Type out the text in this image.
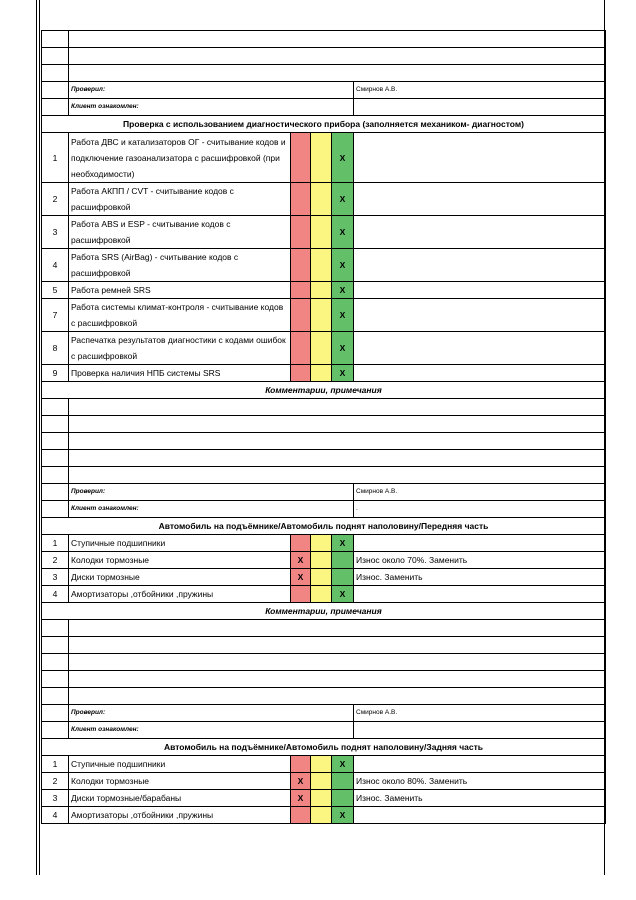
	Проверил:				Смирнов А.В.
	Клиент ознакомлен:				
Проверка с использованием диагностического прибора (заполняется механиком- диагностом)					
1	Работа ДВС и катализаторов ОГ - считывание кодов и подключение газоанализатора с расшифровкой (при необходимости)			X	
2	Работа АКПП / CVT - считывание кодов с расшифровкой			X	
3	Работа ABS и ESP - считывание кодов с расшифровкой			X	
4	Работа SRS (AirBag) - считывание кодов с расшифровкой			X	
5	Работа ремней SRS			X	
7	Работа системы климат-контроля - считывание кодов с расшифровкой			X	
8	Распечатка результатов диагностики с кодами ошибок с расшифровкой			X	
9	Проверка наличия НПБ системы SRS			X	
Комментарии, примечания					

	Проверил:				Смирнов А.В.
	Клиент ознакомлен:				.
Автомобиль на подъёмнике/Автомобиль поднят наполовину/Передняя часть					
1	Ступичные подшипники			X	
2	Колодки тормозные	X			Износ около 70%. Заменить
3	Диски тормозные	X			Износ. Заменить
4	Амортизаторы ,отбойники ,пружины			X	
Комментарии, примечания					

	Проверил:				Смирнов А.В.
	Клиент ознакомлен:				
Автомобиль на подъёмнике/Автомобиль поднят наполовину/Задняя часть					
1	Ступичные подшипники			X	
2	Колодки тормозные	X			Износ около 80%. Заменить
3	Диски тормозные/барабаны	X			Износ. Заменить
4	Амортизаторы ,отбойники ,пружины			X	
